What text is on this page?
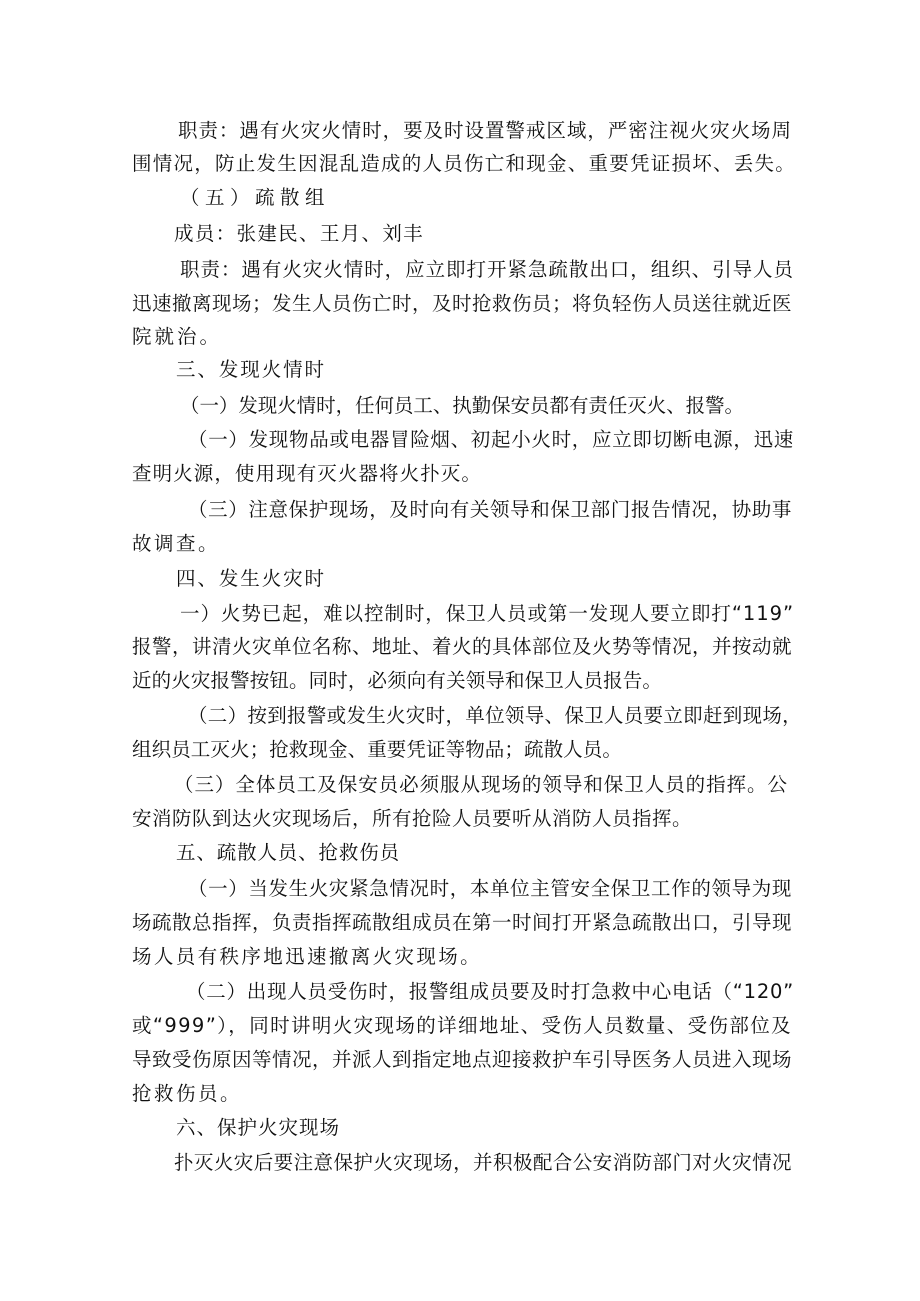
职责：遇有火灾火情时，要及时设置警戒区域，严密注视火灾火场周
围情况，防止发生因混乱造成的人员伤亡和现金、重要凭证损坏、丢失。
（五）疏散组
成员：张建民、王月、刘丰
职责：遇有火灾火情时，应立即打开紧急疏散出口，组织、引导人员
迅速撤离现场；发生人员伤亡时，及时抢救伤员；将负轻伤人员送往就近医
院就治。
三、发现火情时
（一）发现火情时，任何员工、执勤保安员都有责任灭火、报警。
（一）发现物品或电器冒险烟、初起小火时，应立即切断电源，迅速
查明火源，使用现有灭火器将火扑灭。
（三）注意保护现场，及时向有关领导和保卫部门报告情况，协助事
故调查。
四、发生火灾时
一）火势已起，难以控制时，保卫人员或第一发现人要立即打“119”
报警，讲清火灾单位名称、地址、着火的具体部位及火势等情况，并按动就
近的火灾报警按钮。同时，必须向有关领导和保卫人员报告。
（二）按到报警或发生火灾时，单位领导、保卫人员要立即赶到现场，
组织员工灭火；抢救现金、重要凭证等物品；疏散人员。
（三）全体员工及保安员必须服从现场的领导和保卫人员的指挥。公
安消防队到达火灾现场后，所有抢险人员要听从消防人员指挥。
五、疏散人员、抢救伤员
（一）当发生火灾紧急情况时，本单位主管安全保卫工作的领导为现
场疏散总指挥，负责指挥疏散组成员在第一时间打开紧急疏散出口，引导现
场人员有秩序地迅速撤离火灾现场。
（二）出现人员受伤时，报警组成员要及时打急救中心电话（“120”
或“999”），同时讲明火灾现场的详细地址、受伤人员数量、受伤部位及
导致受伤原因等情况，并派人到指定地点迎接救护车引导医务人员进入现场
抢救伤员。
六、保护火灾现场
扑灭火灾后要注意保护火灾现场，并积极配合公安消防部门对火灾情况
